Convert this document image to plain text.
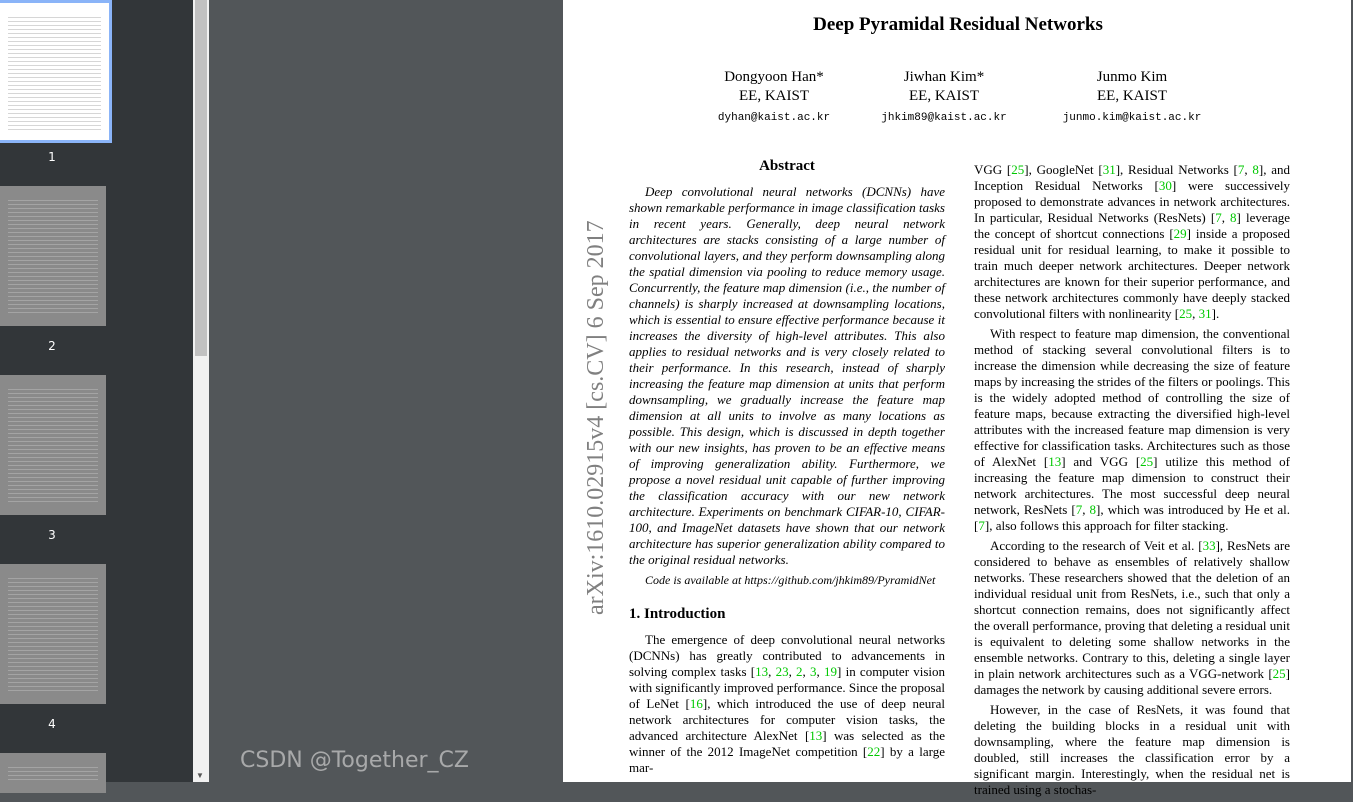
1
2
3
4
▼
Deep Pyramidal Residual Networks
Dongyoon Han*
EE, KAIST
dyhan@kaist.ac.kr
Jiwhan Kim*
EE, KAIST
jhkim89@kaist.ac.kr
Junmo Kim
EE, KAIST
junmo.kim@kaist.ac.kr
arXiv:1610.02915v4 [cs.CV] 6 Sep 2017
Abstract

Deep convolutional neural networks (DCNNs) have shown remarkable performance in image classification tasks in recent years. Generally, deep neural network architectures are stacks consisting of a large number of convolutional layers, and they perform downsampling along the spatial dimension via pooling to reduce memory usage. Concurrently, the feature map dimension (i.e., the number of channels) is sharply increased at downsampling locations, which is essential to ensure effective performance because it increases the diversity of high-level attributes. This also applies to residual networks and is very closely related to their performance. In this research, instead of sharply increasing the feature map dimension at units that perform downsampling, we gradually increase the feature map dimension at all units to involve as many locations as possible. This design, which is discussed in depth together with our new insights, has proven to be an effective means of improving generalization ability. Furthermore, we propose a novel residual unit capable of further improving the classification accuracy with our new network architecture. Experiments on benchmark CIFAR-10, CIFAR-100, and ImageNet datasets have shown that our network architecture has superior generalization ability compared to the original residual networks.

Code is available at https://github.com/jhkim89/PyramidNet

1. Introduction

The emergence of deep convolutional neural networks (DCNNs) has greatly contributed to advancements in solving complex tasks [13, 23, 2, 3, 19] in computer vision with significantly improved performance. Since the proposal of LeNet [16], which introduced the use of deep neural network architectures for computer vision tasks, the advanced architecture AlexNet [13] was selected as the winner of the 2012 ImageNet competition [22] by a large mar-

VGG [25], GoogleNet [31], Residual Networks [7, 8], and Inception Residual Networks [30] were successively proposed to demonstrate advances in network architectures. In particular, Residual Networks (ResNets) [7, 8] leverage the concept of shortcut connections [29] inside a proposed residual unit for residual learning, to make it possible to train much deeper network architectures. Deeper network architectures are known for their superior performance, and these network architectures commonly have deeply stacked convolutional filters with nonlinearity [25, 31].

With respect to feature map dimension, the conventional method of stacking several convolutional filters is to increase the dimension while decreasing the size of feature maps by increasing the strides of the filters or poolings. This is the widely adopted method of controlling the size of feature maps, because extracting the diversified high-level attributes with the increased feature map dimension is very effective for classification tasks. Architectures such as those of AlexNet [13] and VGG [25] utilize this method of increasing the feature map dimension to construct their network architectures. The most successful deep neural network, ResNets [7, 8], which was introduced by He et al. [7], also follows this approach for filter stacking.

According to the research of Veit et al. [33], ResNets are considered to behave as ensembles of relatively shallow networks. These researchers showed that the deletion of an individual residual unit from ResNets, i.e., such that only a shortcut connection remains, does not significantly affect the overall performance, proving that deleting a residual unit is equivalent to deleting some shallow networks in the ensemble networks. Contrary to this, deleting a single layer in plain network architectures such as a VGG-network [25] damages the network by causing additional severe errors.

However, in the case of ResNets, it was found that deleting the building blocks in a residual unit with downsampling, where the feature map dimension is doubled, still increases the classification error by a significant margin. Interestingly, when the residual net is trained using a stochas-

CSDN @Together_CZ
